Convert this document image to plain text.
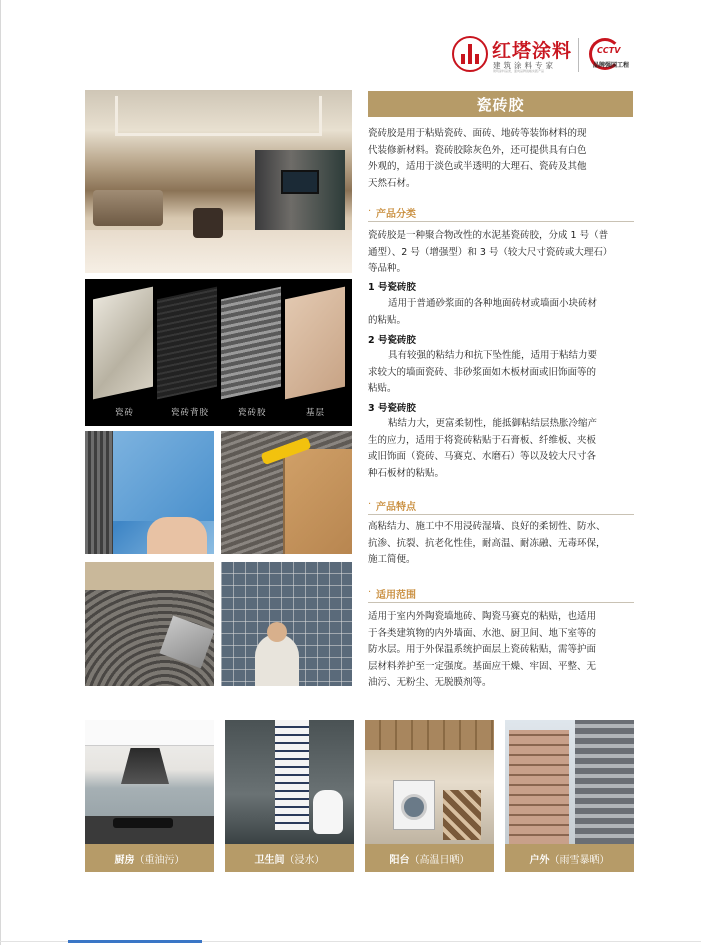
红塔涂料
建筑涂料专家
建筑涂料品类，面向品牌战略实践产品
CCTV
品牌强国工程
瓷砖	瓷砖背胶	瓷砖胶	基层
瓷砖胶
瓷砖胶是用于粘贴瓷砖、面砖、地砖等装饰材料的现
代装修新材料。瓷砖胶除灰色外，还可提供具有白色
外观的，适用于淡色或半透明的大理石、瓷砖及其他
天然石材。
· 产品分类
瓷砖胶是一种聚合物改性的水泥基瓷砖胶，分成 1 号（普
通型）、2 号（增强型）和 3 号（较大尺寸瓷砖或大理石）
等品种。
1 号瓷砖胶
适用于普通砂浆面的各种地面砖材或墙面小块砖材
的粘贴。
2 号瓷砖胶
具有较强的粘结力和抗下坠性能，适用于粘结力要
求较大的墙面瓷砖、非砂浆面如木板材面或旧饰面等的
粘贴。
3 号瓷砖胶
粘结力大，更富柔韧性，能抵御粘结层热胀冷缩产
生的应力，适用于将瓷砖粘贴于石膏板、纤维板、夹板
或旧饰面（瓷砖、马赛克、水磨石）等以及较大尺寸各
种石板材的粘贴。
· 产品特点
高粘结力、施工中不用浸砖湿墙、良好的柔韧性、防水、
抗渗、抗裂、抗老化性佳，耐高温、耐冻融、无毒环保，
施工简便。
· 适用范围
适用于室内外陶瓷墙地砖、陶瓷马赛克的粘贴，也适用
于各类建筑物的内外墙面、水池、厨卫间、地下室等的
防水层。用于外保温系统护面层上瓷砖粘贴，需等护面
层材料养护至一定强度。基面应干燥、牢固、平整、无
油污、无粉尘、无脱膜剂等。
厨房（重油污）	卫生间（浸水）	阳台（高温日晒）	户外（雨雪暴晒）
